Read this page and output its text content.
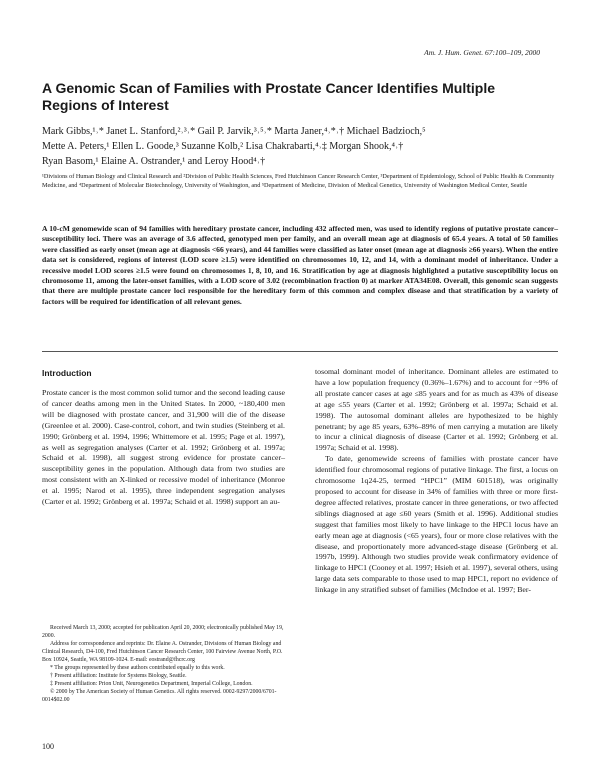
Am. J. Hum. Genet. 67:100–109, 2000
A Genomic Scan of Families with Prostate Cancer Identifies Multiple Regions of Interest
Mark Gibbs,¹˒* Janet L. Stanford,²˒³˒* Gail P. Jarvik,³˒⁵˒* Marta Janer,⁴˒*˒† Michael Badzioch,⁵
Mette A. Peters,¹ Ellen L. Goode,³ Suzanne Kolb,² Lisa Chakrabarti,⁴˒‡ Morgan Shook,⁴˒†
Ryan Basom,¹ Elaine A. Ostrander,¹ and Leroy Hood⁴˒†
¹Divisions of Human Biology and Clinical Research and ²Division of Public Health Sciences, Fred Hutchinson Cancer Research Center, ³Department of Epidemiology, School of Public Health & Community Medicine, and ⁴Department of Molecular Biotechnology, University of Washington, and ⁵Department of Medicine, Division of Medical Genetics, University of Washington Medical Center, Seattle
A 10-cM genomewide scan of 94 families with hereditary prostate cancer, including 432 affected men, was used to identify regions of putative prostate cancer–susceptibility loci. There was an average of 3.6 affected, genotyped men per family, and an overall mean age at diagnosis of 65.4 years. A total of 50 families were classified as early onset (mean age at diagnosis <66 years), and 44 families were classified as later onset (mean age at diagnosis ≥66 years). When the entire data set is considered, regions of interest (LOD score ≥1.5) were identified on chromosomes 10, 12, and 14, with a dominant model of inheritance. Under a recessive model LOD scores ≥1.5 were found on chromosomes 1, 8, 10, and 16. Stratification by age at diagnosis highlighted a putative susceptibility locus on chromosome 11, among the later-onset families, with a LOD score of 3.02 (recombination fraction 0) at marker ATA34E08. Overall, this genomic scan suggests that there are multiple prostate cancer loci responsible for the hereditary form of this common and complex disease and that stratification by a variety of factors will be required for identification of all relevant genes.
Introduction

Prostate cancer is the most common solid tumor and the second leading cause of cancer deaths among men in the United States. In 2000, ~180,400 men will be diagnosed with prostate cancer, and 31,900 will die of the disease (Greenlee et al. 2000). Case-control, cohort, and twin studies (Steinberg et al. 1990; Grönberg et al. 1994, 1996; Whittemore et al. 1995; Page et al. 1997), as well as segregation analyses (Carter et al. 1992; Grönberg et al. 1997a; Schaid et al. 1998), all suggest strong evidence for prostate cancer–susceptibility genes in the population. Although data from two studies are most consistent with an X-linked or recessive model of inheritance (Monroe et al. 1995; Narod et al. 1995), three independent segregation analyses (Carter et al. 1992; Grönberg et al. 1997a; Schaid et al. 1998) support an au-

tosomal dominant model of inheritance. Dominant alleles are estimated to have a low population frequency (0.36%–1.67%) and to account for ~9% of all prostate cancer cases at age ≤85 years and for as much as 43% of disease at age ≤55 years (Carter et al. 1992; Grönberg et al. 1997a; Schaid et al. 1998). The autosomal dominant alleles are hypothesized to be highly penetrant; by age 85 years, 63%–89% of men carrying a mutation are likely to incur a clinical diagnosis of disease (Carter et al. 1992; Grönberg et al. 1997a; Schaid et al. 1998).

To date, genomewide screens of families with prostate cancer have identified four chromosomal regions of putative linkage. The first, a locus on chromosome 1q24-25, termed “HPC1” (MIM 601518), was originally proposed to account for disease in 34% of families with three or more first-degree affected relatives, prostate cancer in three generations, or two affected siblings diagnosed at age ≤60 years (Smith et al. 1996). Additional studies suggest that families most likely to have linkage to the HPC1 locus have an early mean age at diagnosis (<65 years), four or more close relatives with the disease, and proportionately more advanced-stage disease (Grönberg et al. 1997b, 1999). Although two studies provide weak confirmatory evidence of linkage to HPC1 (Cooney et al. 1997; Hsieh et al. 1997), several others, using large data sets comparable to those used to map HPC1, report no evidence of linkage in any stratified subset of families (McIndoe et al. 1997; Ber-

Received March 13, 2000; accepted for publication April 20, 2000; electronically published May 19, 2000.

Address for correspondence and reprints: Dr. Elaine A. Ostrander, Divisions of Human Biology and Clinical Research, D4-100, Fred Hutchinson Cancer Research Center, 100 Fairview Avenue North, P.O. Box 10924, Seattle, WA 98109-1024. E-mail: eostrand@fhcrc.org

* The groups represented by these authors contributed equally to this work.

† Present affiliation: Institute for Systems Biology, Seattle.

‡ Present affiliation: Prion Unit, Neurogenetics Department, Imperial College, London.

© 2000 by The American Society of Human Genetics. All rights reserved. 0002-9297/2000/6701-0014$02.00

100
